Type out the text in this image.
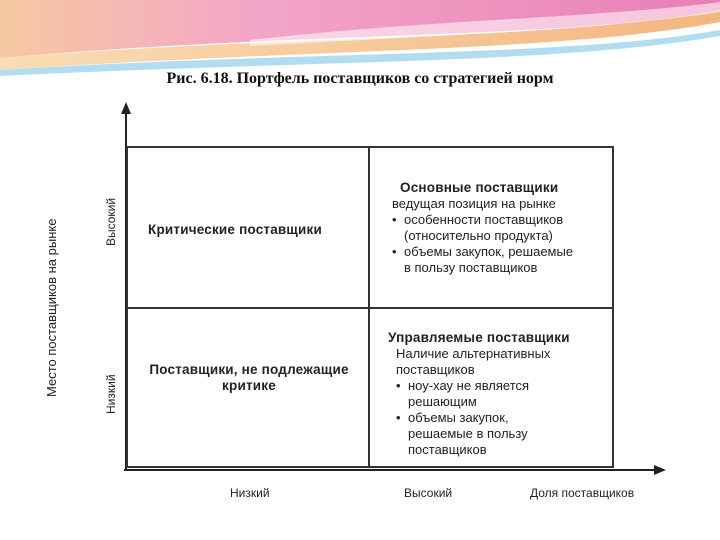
Рис. 6.18. Портфель поставщиков со стратегией норм
Критические поставщики
Основные поставщики
ведущая позиция на рынке
• особенности поставщиков
(относительно продукта)
• объемы закупок, решаемые
в пользу поставщиков
Поставщики, не подлежащие
критике
Управляемые поставщики
Наличие альтернативных
поставщиков
• ноу-хау не является
решающим
• объемы закупок,
решаемые в пользу
поставщиков
Место поставщиков на рынке	Высокий
Низкий
Низкий	Высокий	Доля поставщиков
